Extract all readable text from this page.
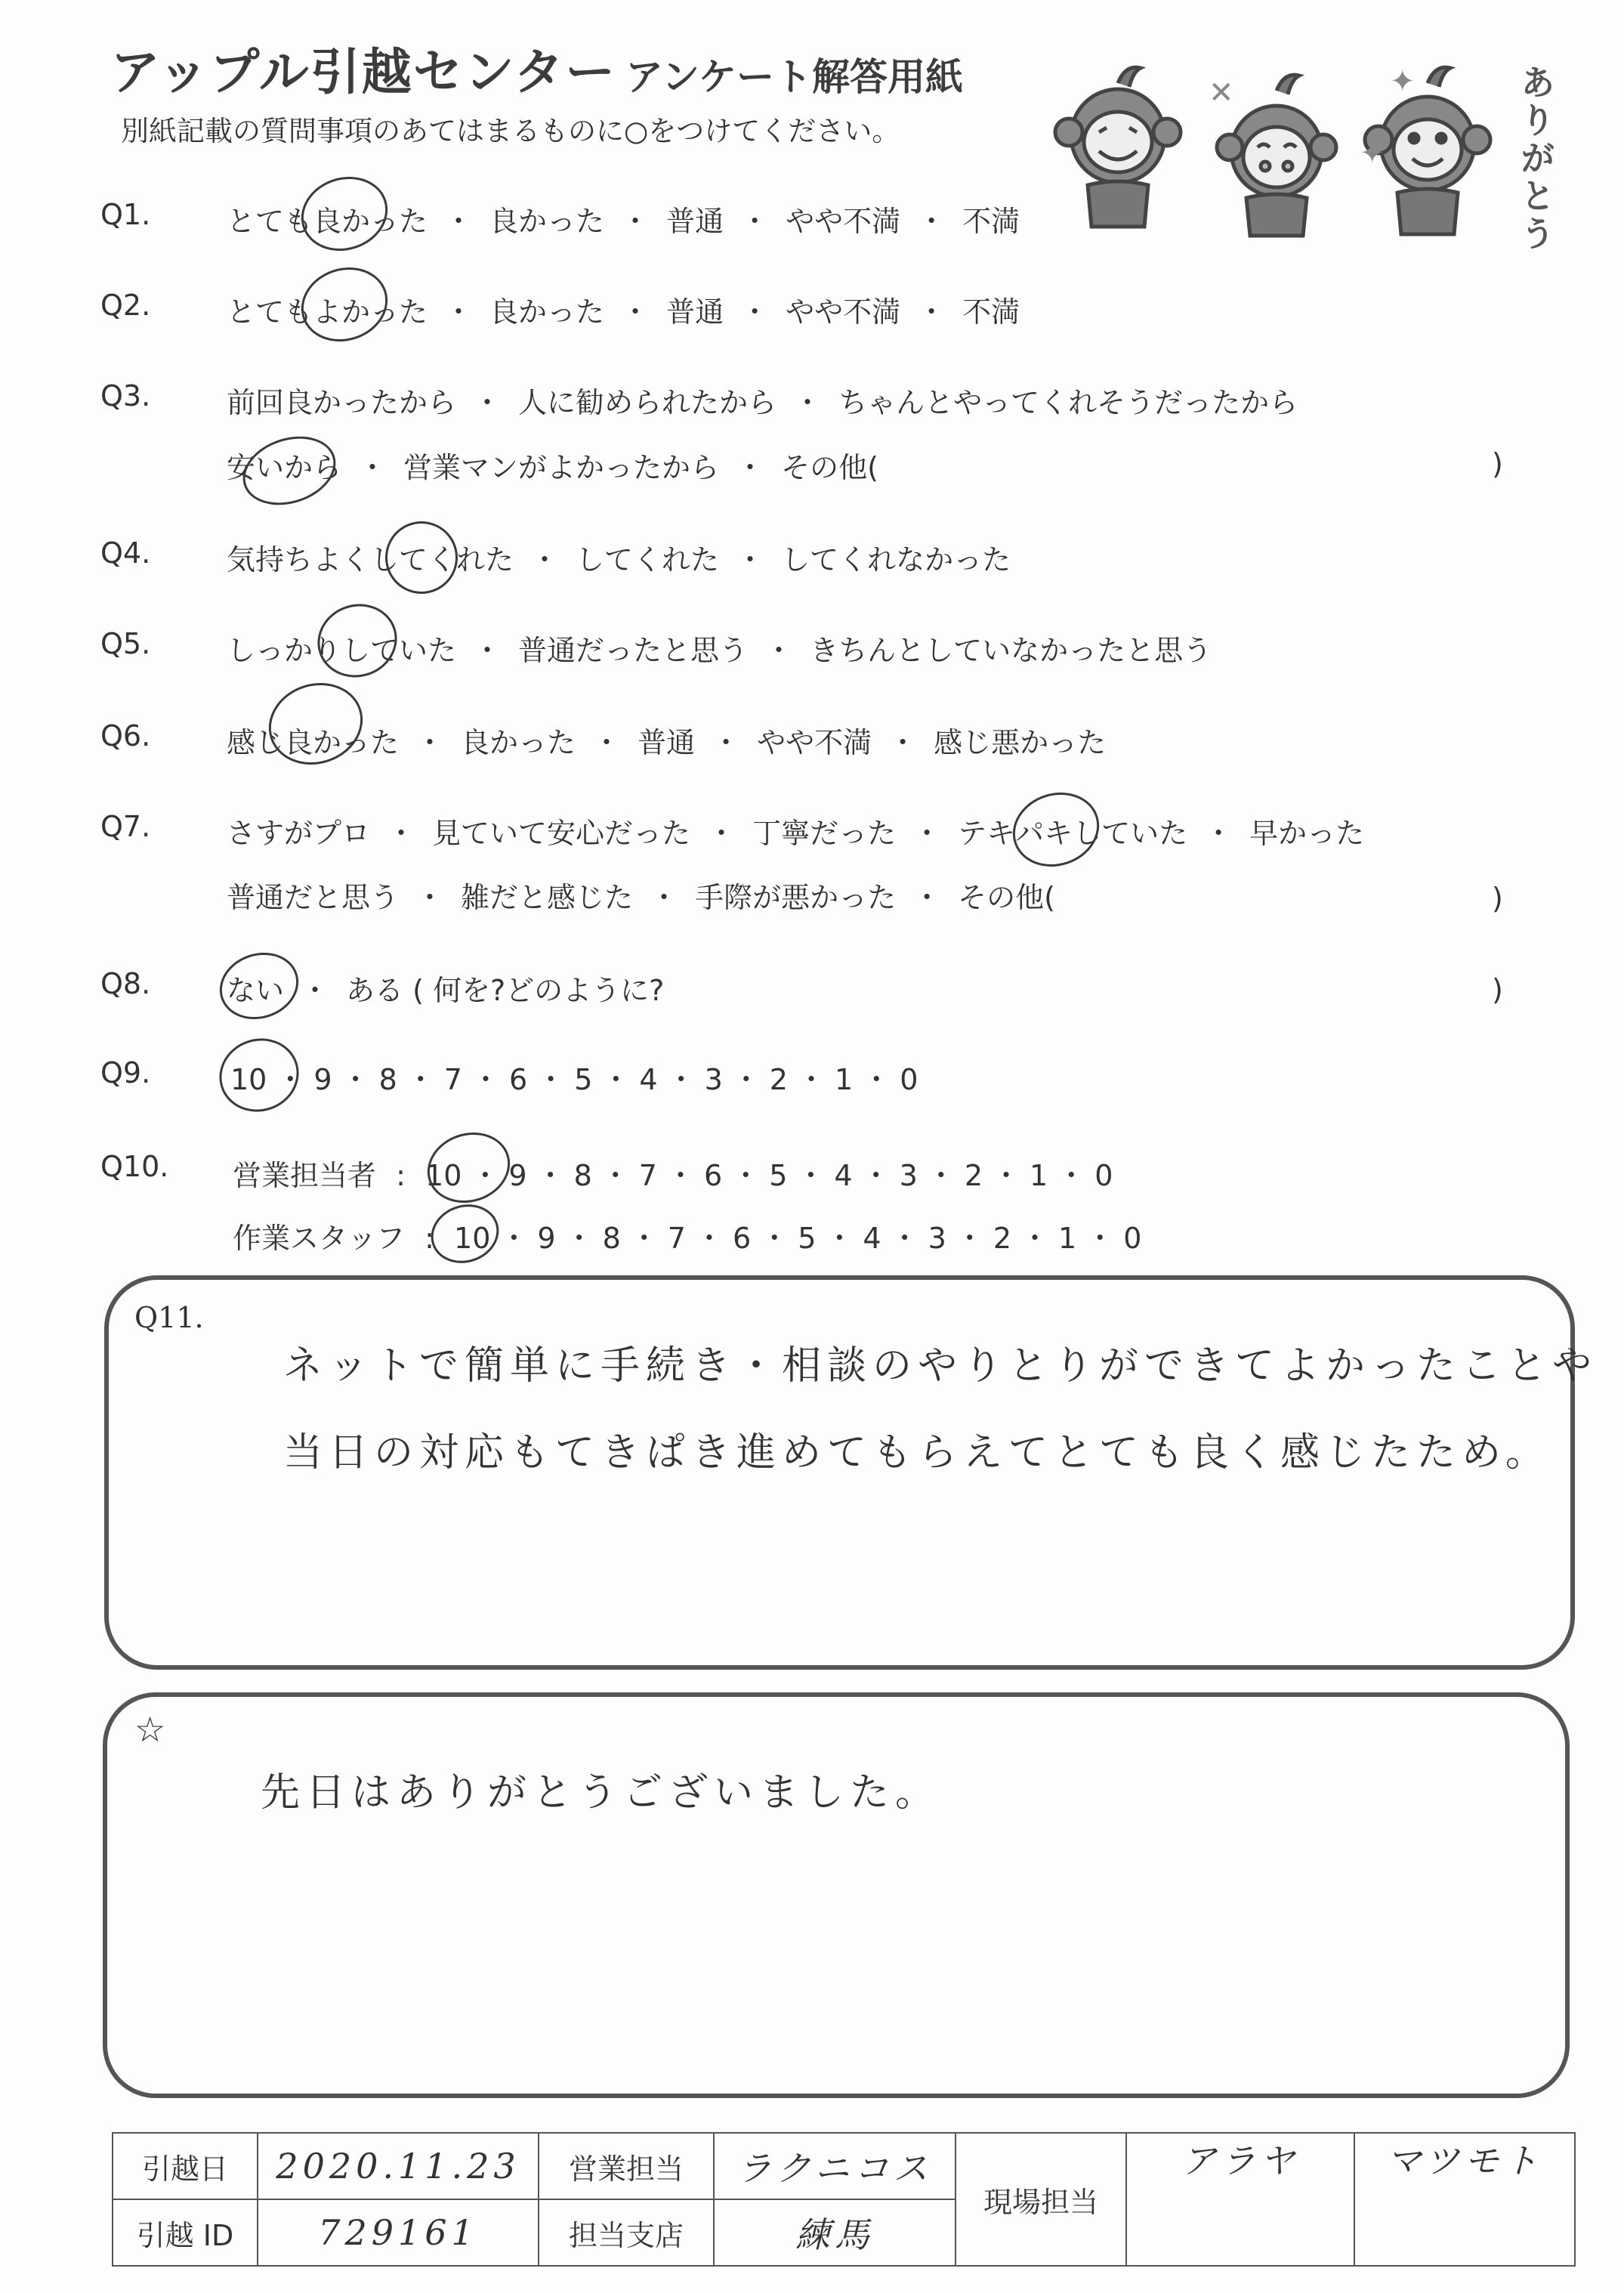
アップル引越センター アンケート解答用紙
別紙記載の質問事項のあてはまるものに○をつけてください。	ありがとう
✦
✦
✕
Q1.	とても良かった ・ 良かった ・ 普通 ・ やや不満 ・ 不満
Q2.	とてもよかった ・ 良かった ・ 普通 ・ やや不満 ・ 不満
Q3.	前回良かったから ・ 人に勧められたから ・ ちゃんとやってくれそうだったから
安いから ・ 営業マンがよかったから ・ その他(
Q4.	気持ちよくしてくれた ・ してくれた ・ してくれなかった
Q5.	しっかりしていた ・ 普通だったと思う ・ きちんとしていなかったと思う
Q6.	感じ良かった ・ 良かった ・ 普通 ・ やや不満 ・ 感じ悪かった
Q7.	さすがプロ ・ 見ていて安心だった ・ 丁寧だった ・ テキパキしていた ・ 早かった
普通だと思う ・ 雑だと感じた ・ 手際が悪かった ・ その他(
Q8.	ない ・ ある ( 何を?どのように?
Q9.	10 ・ 9 ・ 8 ・ 7 ・ 6 ・ 5 ・ 4 ・ 3 ・ 2 ・ 1 ・ 0
Q10. 営業担当者 : 10 ・ 9 ・ 8 ・ 7 ・ 6 ・ 5 ・ 4 ・ 3 ・ 2 ・ 1 ・ 0
作業スタッフ : 10 ・ 9 ・ 8 ・ 7 ・ 6 ・ 5 ・ 4 ・ 3 ・ 2 ・ 1 ・ 0
)
)
)
Q11.
ネットで簡単に手続き・相談のやりとりができてよかったことや
当日の対応もてきぱき進めてもらえてとても良く感じたため。
☆
先日はありがとうございました。
引越日	2020.11.23	営業担当	ラクニコス	現場担当	アラヤ	マツモト
引越 ID	729161	担当支店	練馬			
